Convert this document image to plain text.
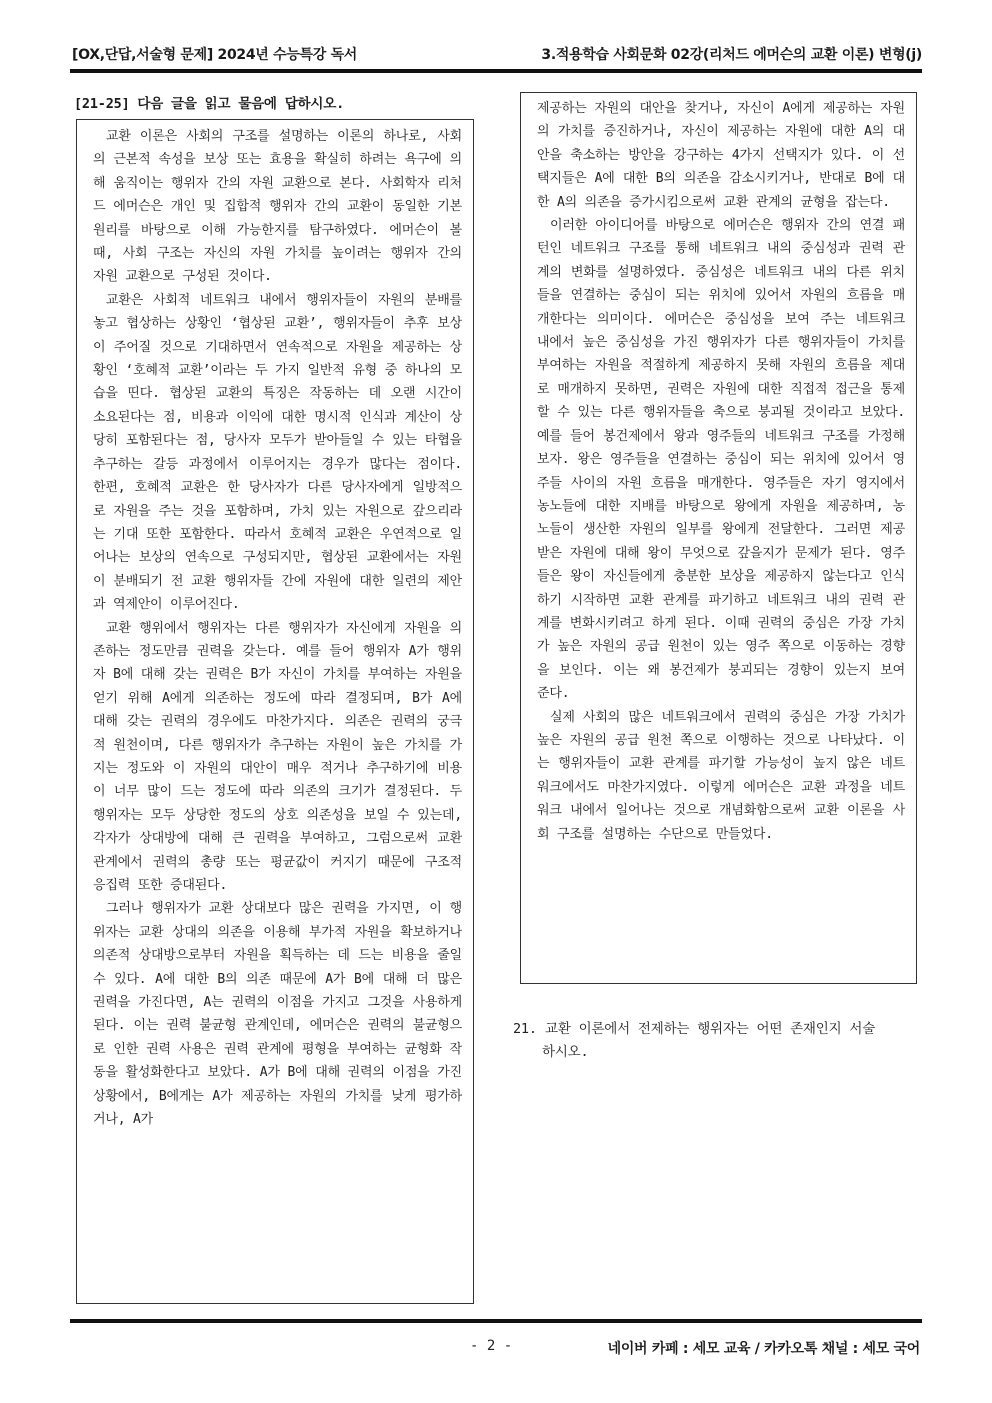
[OX,단답,서술형 문제] 2024년 수능특강 독서	3.적용학습 사회문화 02강(리처드 에머슨의 교환 이론) 변형(j)
[21-25] 다음 글을 읽고 물음에 답하시오.

교환 이론은 사회의 구조를 설명하는 이론의 하나로, 사회의 근본적 속성을 보상 또는 효용을 확실히 하려는 욕구에 의해 움직이는 행위자 간의 자원 교환으로 본다. 사회학자 리처드 에머슨은 개인 및 집합적 행위자 간의 교환이 동일한 기본 원리를 바탕으로 이해 가능한지를 탐구하였다. 에머슨이 볼 때, 사회 구조는 자신의 자원 가치를 높이려는 행위자 간의 자원 교환으로 구성된 것이다.

교환은 사회적 네트워크 내에서 행위자들이 자원의 분배를 놓고 협상하는 상황인 ‘협상된 교환’, 행위자들이 추후 보상이 주어질 것으로 기대하면서 연속적으로 자원을 제공하는 상황인 ‘호혜적 교환’이라는 두 가지 일반적 유형 중 하나의 모습을 띤다. 협상된 교환의 특징은 작동하는 데 오랜 시간이 소요된다는 점, 비용과 이익에 대한 명시적 인식과 계산이 상당히 포함된다는 점, 당사자 모두가 받아들일 수 있는 타협을 추구하는 갈등 과정에서 이루어지는 경우가 많다는 점이다. 한편, 호혜적 교환은 한 당사자가 다른 당사자에게 일방적으로 자원을 주는 것을 포함하며, 가치 있는 자원으로 갚으리라는 기대 또한 포함한다. 따라서 호혜적 교환은 우연적으로 일어나는 보상의 연속으로 구성되지만, 협상된 교환에서는 자원이 분배되기 전 교환 행위자들 간에 자원에 대한 일련의 제안과 역제안이 이루어진다.

교환 행위에서 행위자는 다른 행위자가 자신에게 자원을 의존하는 정도만큼 권력을 갖는다. 예를 들어 행위자 A가 행위자 B에 대해 갖는 권력은 B가 자신이 가치를 부여하는 자원을 얻기 위해 A에게 의존하는 정도에 따라 결정되며, B가 A에 대해 갖는 권력의 경우에도 마찬가지다. 의존은 권력의 궁극적 원천이며, 다른 행위자가 추구하는 자원이 높은 가치를 가지는 정도와 이 자원의 대안이 매우 적거나 추구하기에 비용이 너무 많이 드는 정도에 따라 의존의 크기가 결정된다. 두 행위자는 모두 상당한 정도의 상호 의존성을 보일 수 있는데, 각자가 상대방에 대해 큰 권력을 부여하고, 그럼으로써 교환 관계에서 권력의 총량 또는 평균값이 커지기 때문에 구조적 응집력 또한 증대된다.

그러나 행위자가 교환 상대보다 많은 권력을 가지면, 이 행위자는 교환 상대의 의존을 이용해 부가적 자원을 확보하거나 의존적 상대방으로부터 자원을 획득하는 데 드는 비용을 줄일 수 있다. A에 대한 B의 의존 때문에 A가 B에 대해 더 많은 권력을 가진다면, A는 권력의 이점을 가지고 그것을 사용하게 된다. 이는 권력 불균형 관계인데, 에머슨은 권력의 불균형으로 인한 권력 사용은 권력 관계에 평형을 부여하는 균형화 작동을 활성화한다고 보았다. A가 B에 대해 권력의 이점을 가진 상황에서, B에게는 A가 제공하는 자원의 가치를 낮게 평가하거나, A가

제공하는 자원의 대안을 찾거나, 자신이 A에게 제공하는 자원의 가치를 증진하거나, 자신이 제공하는 자원에 대한 A의 대안을 축소하는 방안을 강구하는 4가지 선택지가 있다. 이 선택지들은 A에 대한 B의 의존을 감소시키거나, 반대로 B에 대한 A의 의존을 증가시킴으로써 교환 관계의 균형을 잡는다.

이러한 아이디어를 바탕으로 에머슨은 행위자 간의 연결 패턴인 네트워크 구조를 통해 네트워크 내의 중심성과 권력 관계의 변화를 설명하였다. 중심성은 네트워크 내의 다른 위치들을 연결하는 중심이 되는 위치에 있어서 자원의 흐름을 매개한다는 의미이다. 에머슨은 중심성을 보여 주는 네트워크 내에서 높은 중심성을 가진 행위자가 다른 행위자들이 가치를 부여하는 자원을 적절하게 제공하지 못해 자원의 흐름을 제대로 매개하지 못하면, 권력은 자원에 대한 직접적 접근을 통제할 수 있는 다른 행위자들을 축으로 붕괴될 것이라고 보았다. 예를 들어 봉건제에서 왕과 영주들의 네트워크 구조를 가정해 보자. 왕은 영주들을 연결하는 중심이 되는 위치에 있어서 영주들 사이의 자원 흐름을 매개한다. 영주들은 자기 영지에서 농노들에 대한 지배를 바탕으로 왕에게 자원을 제공하며, 농노들이 생산한 자원의 일부를 왕에게 전달한다. 그러면 제공받은 자원에 대해 왕이 무엇으로 갚을지가 문제가 된다. 영주들은 왕이 자신들에게 충분한 보상을 제공하지 않는다고 인식하기 시작하면 교환 관계를 파기하고 네트워크 내의 권력 관계를 변화시키려고 하게 된다. 이때 권력의 중심은 가장 가치가 높은 자원의 공급 원천이 있는 영주 쪽으로 이동하는 경향을 보인다. 이는 왜 봉건제가 붕괴되는 경향이 있는지 보여 준다.

실제 사회의 많은 네트워크에서 권력의 중심은 가장 가치가 높은 자원의 공급 원천 쪽으로 이행하는 것으로 나타났다. 이는 행위자들이 교환 관계를 파기할 가능성이 높지 않은 네트워크에서도 마찬가지였다. 이렇게 에머슨은 교환 과정을 네트워크 내에서 일어나는 것으로 개념화함으로써 교환 이론을 사회 구조를 설명하는 수단으로 만들었다.

21. 교환 이론에서 전제하는 행위자는 어떤 존재인지 서술
하시오.
- 2 -	네이버 카페 : 세모 교육 / 카카오톡 채널 : 세모 국어
